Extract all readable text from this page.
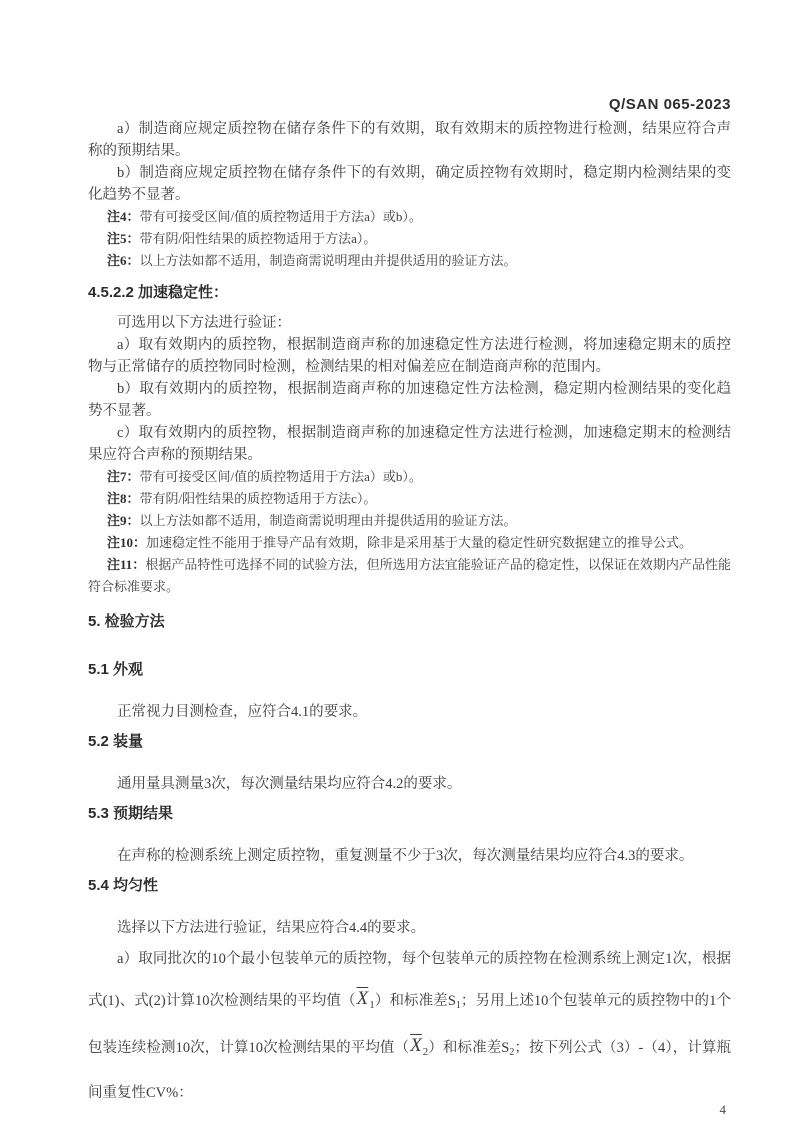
Q/SAN 065-2023

a）制造商应规定质控物在储存条件下的有效期，取有效期末的质控物进行检测，结果应符合声称的预期结果。

b）制造商应规定质控物在储存条件下的有效期，确定质控物有效期时，稳定期内检测结果的变化趋势不显著。

注4：带有可接受区间/值的质控物适用于方法a）或b）。

注5：带有阴/阳性结果的质控物适用于方法a）。

注6：以上方法如都不适用，制造商需说明理由并提供适用的验证方法。

4.5.2.2 加速稳定性：

可选用以下方法进行验证：

a）取有效期内的质控物，根据制造商声称的加速稳定性方法进行检测，将加速稳定期末的质控物与正常储存的质控物同时检测，检测结果的相对偏差应在制造商声称的范围内。

b）取有效期内的质控物，根据制造商声称的加速稳定性方法检测，稳定期内检测结果的变化趋势不显著。

c）取有效期内的质控物，根据制造商声称的加速稳定性方法进行检测，加速稳定期末的检测结果应符合声称的预期结果。

注7：带有可接受区间/值的质控物适用于方法a）或b）。

注8：带有阴/阳性结果的质控物适用于方法c）。

注9：以上方法如都不适用，制造商需说明理由并提供适用的验证方法。

注10：加速稳定性不能用于推导产品有效期，除非是采用基于大量的稳定性研究数据建立的推导公式。

注11：根据产品特性可选择不同的试验方法，但所选用方法宜能验证产品的稳定性，以保证在效期内产品性能符合标准要求。

5. 检验方法
5.1 外观

正常视力目测检查，应符合4.1的要求。

5.2 装量

通用量具测量3次，每次测量结果均应符合4.2的要求。

5.3 预期结果

在声称的检测系统上测定质控物，重复测量不少于3次，每次测量结果均应符合4.3的要求。

5.4 均匀性

选择以下方法进行验证，结果应符合4.4的要求。

a）取同批次的10个最小包装单元的质控物，每个包装单元的质控物在检测系统上测定1次，根据式(1)、式(2)计算10次检测结果的平均值$(\overline{X}_1)$和标准差$S_1$；另用上述10个包装单元的质控物中的1个包装连续检测10次，计算10次检测结果的平均值$(\overline{X}_2)$和标准差$S_2$；按下列公式（3）-（4），计算瓶间重复性CV%：

4
